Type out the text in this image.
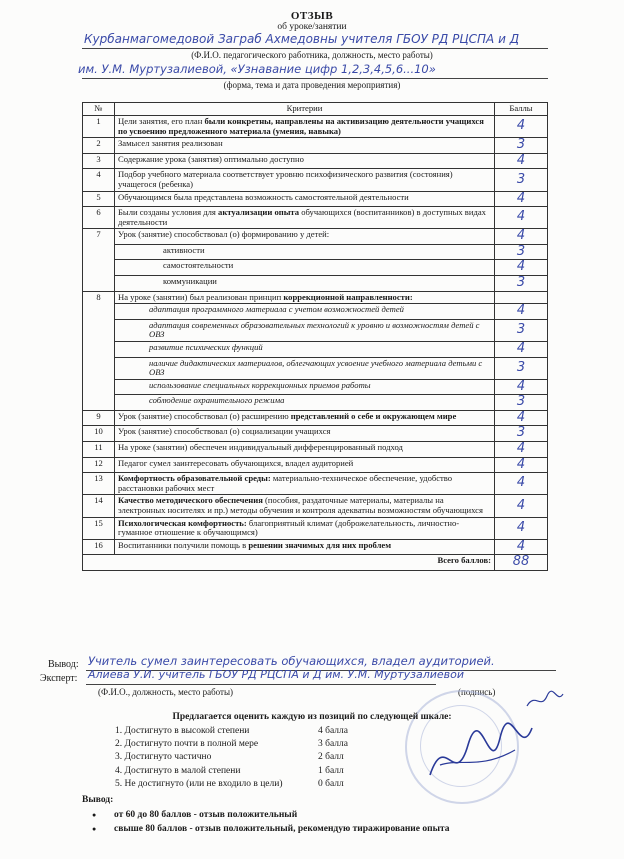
ОТЗЫВ
об уроке/занятии
Курбанмагомедовой Заграб Ахмедовны учителя ГБОУ РД РЦСПА и Д
(Ф.И.О. педагогического работника, должность, место работы)
им. У.М. Муртузалиевой, «Узнавание цифр 1,2,3,4,5,6...10»
(форма, тема и дата проведения мероприятия)
№	Критерии	Баллы
1	Цели занятия, его план были конкретны, направлены на активизацию деятельности учащихся по усвоению предложенного материала (умения, навыка)	4
2	Замысел занятия реализован	3
3	Содержание урока (занятия) оптимально доступно	4
4	Подбор учебного материала соответствует уровню психофизического развития (состояния) учащегося (ребенка)	3
5	Обучающимся была представлена возможность самостоятельной деятельности	4
6	Были созданы условия для актуализации опыта обучающихся (воспитанников) в доступных видах деятельности	4
7	Урок (занятие) способствовал (о) формированию у детей:	4
	активности	3
	самостоятельности	4
	коммуникации	3
8	На уроке (занятии) был реализован принцип коррекционной направленности:	
	адаптация программного материала с учетом возможностей детей	4
	адаптация современных образовательных технологий к уровню и возможностям детей с ОВЗ	3
	развитие психических функций	4
	наличие дидактических материалов, облегчающих усвоение учебного материала детьми с ОВЗ	3
	использование специальных коррекционных приемов работы	4
	соблюдение охранительного режима	3
9	Урок (занятие) способствовал (о) расширению представлений о себе и окружающем мире	4
10	Урок (занятие) способствовал (о) социализации учащихся	3
11	На уроке (занятии) обеспечен индивидуальный дифференцированный подход	4
12	Педагог сумел заинтересовать обучающихся, владел аудиторией	4
13	Комфортность образовательной среды: материально-техническое обеспечение, удобство расстановки рабочих мест	4
14	Качество методического обеспечения (пособия, раздаточные материалы, материалы на электронных носителях и пр.) методы обучения и контроля адекватны возможностям обучающихся	4
15	Психологическая комфортность: благоприятный климат (доброжелательность, личностно-гуманное отношение к обучающимся)	4
16	Воспитанники получили помощь в решении значимых для них проблем	4
Всего баллов:		88
Вывод: Учитель сумел заинтересовать обучающихся, владел аудиторией.
Эксперт: Алиева У.И. учитель ГБОУ РД РЦСПА и Д им. У.М. Муртузалиевой
(Ф.И.О., должность, место работы)	(подпись)
Предлагается оценить каждую из позиций по следующей шкале:
1. Достигнуто в высокой степени	4 балла
2. Достигнуто почти в полной мере	3 балла
3. Достигнуто частично	2 балл
4. Достигнуто в малой степени	1 балл
5. Не достигнуто (или не входило в цели)	0 балл
Вывод:
● от 60 до 80 баллов - отзыв положительный
● свыше 80 баллов - отзыв положительный, рекомендую тиражирование опыта
